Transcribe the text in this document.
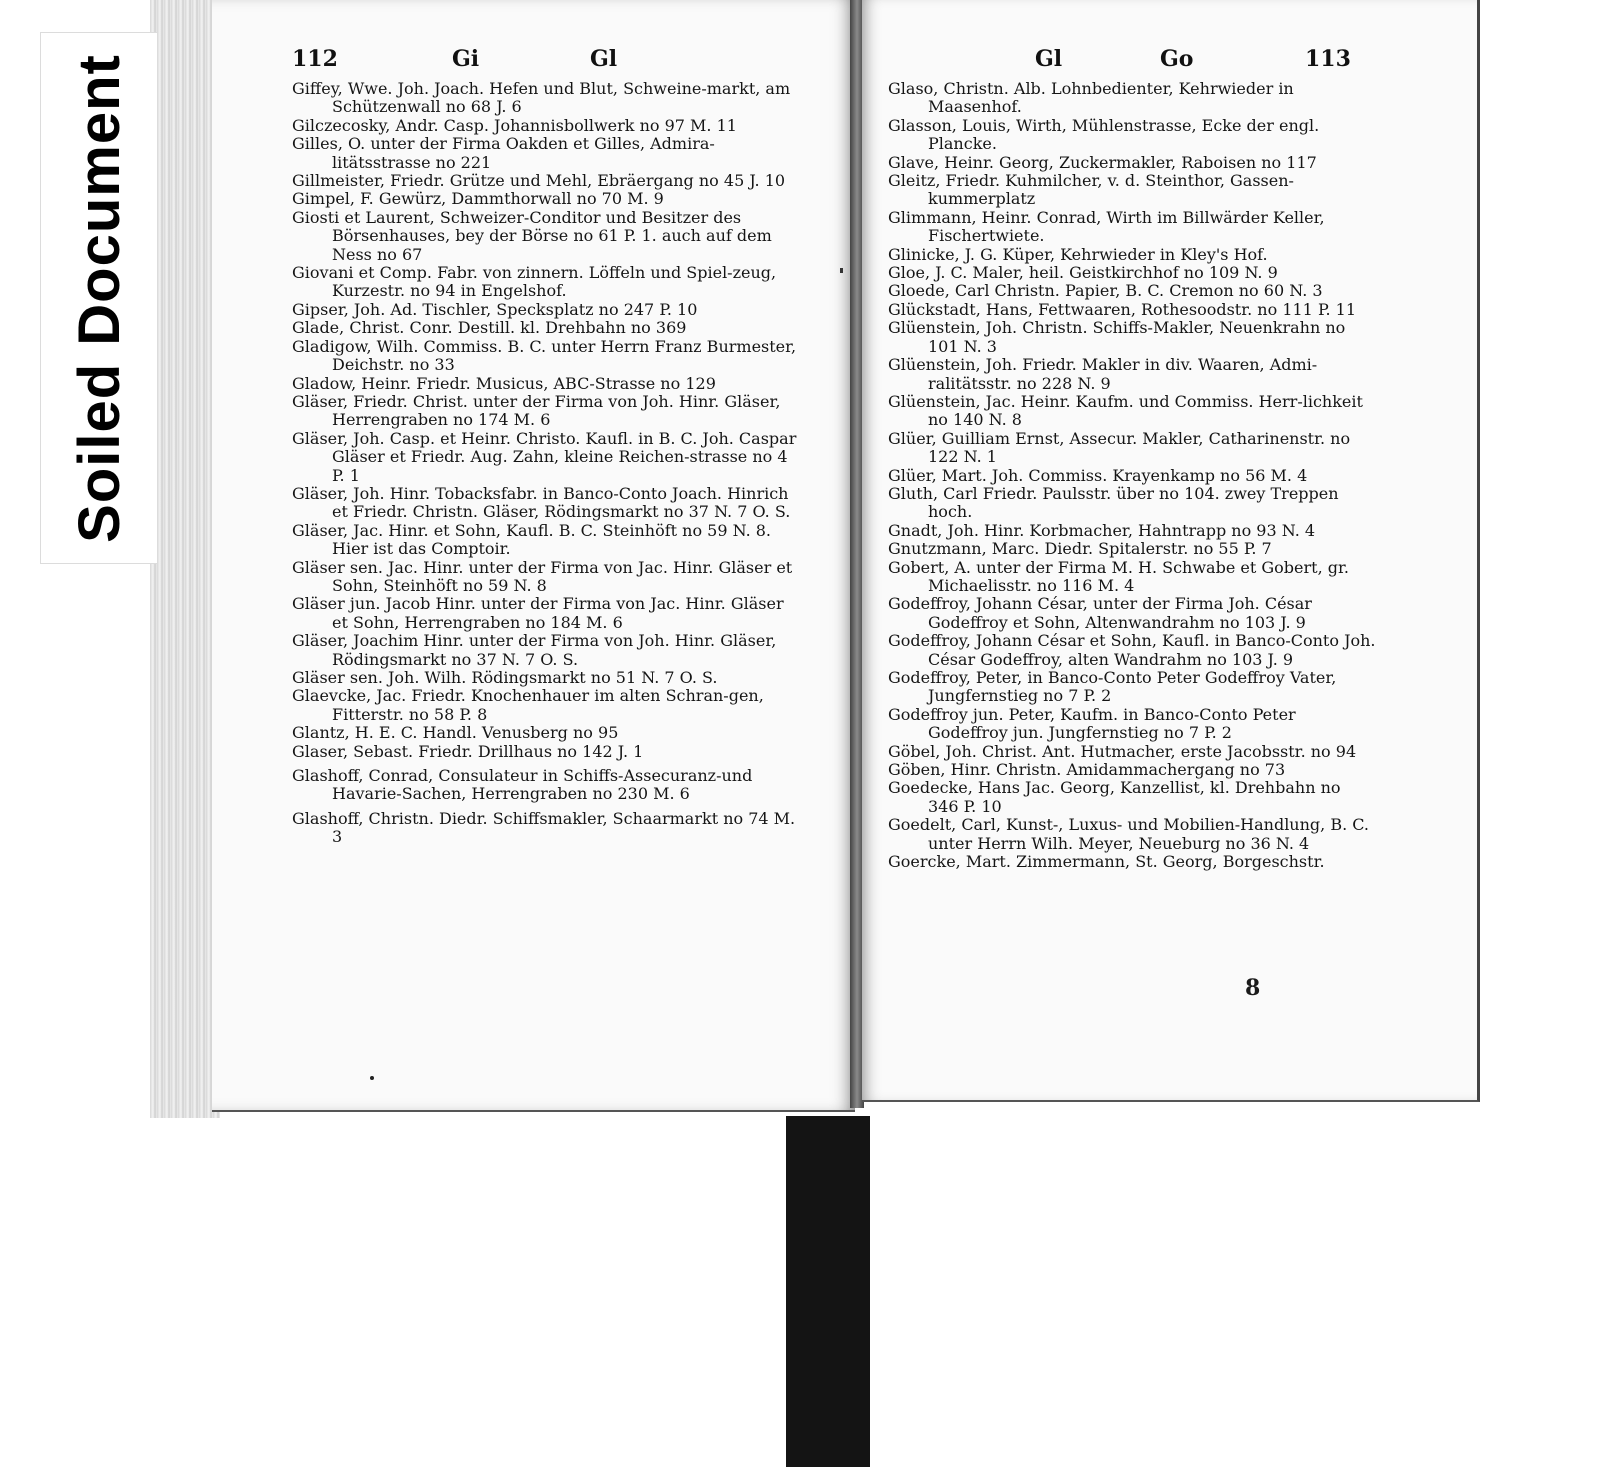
Soiled Document	112	Gi	Gl	Gl	Go	113

Giffey, Wwe. Joh. Joach. Hefen und Blut, Schweine-markt, am Schützenwall no 68 J. 6

Gilczecosky, Andr. Casp. Johannisbollwerk no 97 M. 11

Gilles, O. unter der Firma Oakden et Gilles, Admira-litätsstrasse no 221

Gillmeister, Friedr. Grütze und Mehl, Ebräergang no 45 J. 10

Gimpel, F. Gewürz, Dammthorwall no 70 M. 9

Giosti et Laurent, Schweizer-Conditor und Besitzer des Börsenhauses, bey der Börse no 61 P. 1. auch auf dem Ness no 67

Giovani et Comp. Fabr. von zinnern. Löffeln und Spiel-zeug, Kurzestr. no 94 in Engelshof.

Gipser, Joh. Ad. Tischler, Specksplatz no 247 P. 10

Glade, Christ. Conr. Destill. kl. Drehbahn no 369

Gladigow, Wilh. Commiss. B. C. unter Herrn Franz Burmester, Deichstr. no 33

Gladow, Heinr. Friedr. Musicus, ABC-Strasse no 129

Gläser, Friedr. Christ. unter der Firma von Joh. Hinr. Gläser, Herrengraben no 174 M. 6

Gläser, Joh. Casp. et Heinr. Christo. Kaufl. in B. C. Joh. Caspar Gläser et Friedr. Aug. Zahn, kleine Reichen-strasse no 4 P. 1

Gläser, Joh. Hinr. Tobacksfabr. in Banco-Conto Joach. Hinrich et Friedr. Christn. Gläser, Rödingsmarkt no 37 N. 7 O. S.

Gläser, Jac. Hinr. et Sohn, Kaufl. B. C. Steinhöft no 59 N. 8. Hier ist das Comptoir.

Gläser sen. Jac. Hinr. unter der Firma von Jac. Hinr. Gläser et Sohn, Steinhöft no 59 N. 8

Gläser jun. Jacob Hinr. unter der Firma von Jac. Hinr. Gläser et Sohn, Herrengraben no 184 M. 6

Gläser, Joachim Hinr. unter der Firma von Joh. Hinr. Gläser, Rödingsmarkt no 37 N. 7 O. S.

Gläser sen. Joh. Wilh. Rödingsmarkt no 51 N. 7 O. S.

Glaevcke, Jac. Friedr. Knochenhauer im alten Schran-gen, Fitterstr. no 58 P. 8

Glantz, H. E. C. Handl. Venusberg no 95

Glaser, Sebast. Friedr. Drillhaus no 142 J. 1

Glashoff, Conrad, Consulateur in Schiffs-Assecuranz-und Havarie-Sachen, Herrengraben no 230 M. 6

Glashoff, Christn. Diedr. Schiffsmakler, Schaarmarkt no 74 M. 3

Glaso, Christn. Alb. Lohnbedienter, Kehrwieder in Maasenhof.

Glasson, Louis, Wirth, Mühlenstrasse, Ecke der engl. Plancke.

Glave, Heinr. Georg, Zuckermakler, Raboisen no 117

Gleitz, Friedr. Kuhmilcher, v. d. Steinthor, Gassen-kummerplatz

Glimmann, Heinr. Conrad, Wirth im Billwärder Keller, Fischertwiete.

Glinicke, J. G. Küper, Kehrwieder in Kley's Hof.

Gloe, J. C. Maler, heil. Geistkirchhof no 109 N. 9

Gloede, Carl Christn. Papier, B. C. Cremon no 60 N. 3

Glückstadt, Hans, Fettwaaren, Rothesoodstr. no 111 P. 11

Glüenstein, Joh. Christn. Schiffs-Makler, Neuenkrahn no 101 N. 3

Glüenstein, Joh. Friedr. Makler in div. Waaren, Admi-ralitätsstr. no 228 N. 9

Glüenstein, Jac. Heinr. Kaufm. und Commiss. Herr-lichkeit no 140 N. 8

Glüer, Guilliam Ernst, Assecur. Makler, Catharinenstr. no 122 N. 1

Glüer, Mart. Joh. Commiss. Krayenkamp no 56 M. 4

Gluth, Carl Friedr. Paulsstr. über no 104. zwey Treppen hoch.

Gnadt, Joh. Hinr. Korbmacher, Hahntrapp no 93 N. 4

Gnutzmann, Marc. Diedr. Spitalerstr. no 55 P. 7

Gobert, A. unter der Firma M. H. Schwabe et Gobert, gr. Michaelisstr. no 116 M. 4

Godeffroy, Johann César, unter der Firma Joh. César Godeffroy et Sohn, Altenwandrahm no 103 J. 9

Godeffroy, Johann César et Sohn, Kaufl. in Banco-Conto Joh. César Godeffroy, alten Wandrahm no 103 J. 9

Godeffroy, Peter, in Banco-Conto Peter Godeffroy Vater, Jungfernstieg no 7 P. 2

Godeffroy jun. Peter, Kaufm. in Banco-Conto Peter Godeffroy jun. Jungfernstieg no 7 P. 2

Göbel, Joh. Christ. Ant. Hutmacher, erste Jacobsstr. no 94

Göben, Hinr. Christn. Amidammachergang no 73

Goedecke, Hans Jac. Georg, Kanzellist, kl. Drehbahn no 346 P. 10

Goedelt, Carl, Kunst-, Luxus- und Mobilien-Handlung, B. C. unter Herrn Wilh. Meyer, Neueburg no 36 N. 4

Goercke, Mart. Zimmermann, St. Georg, Borgeschstr.

8
